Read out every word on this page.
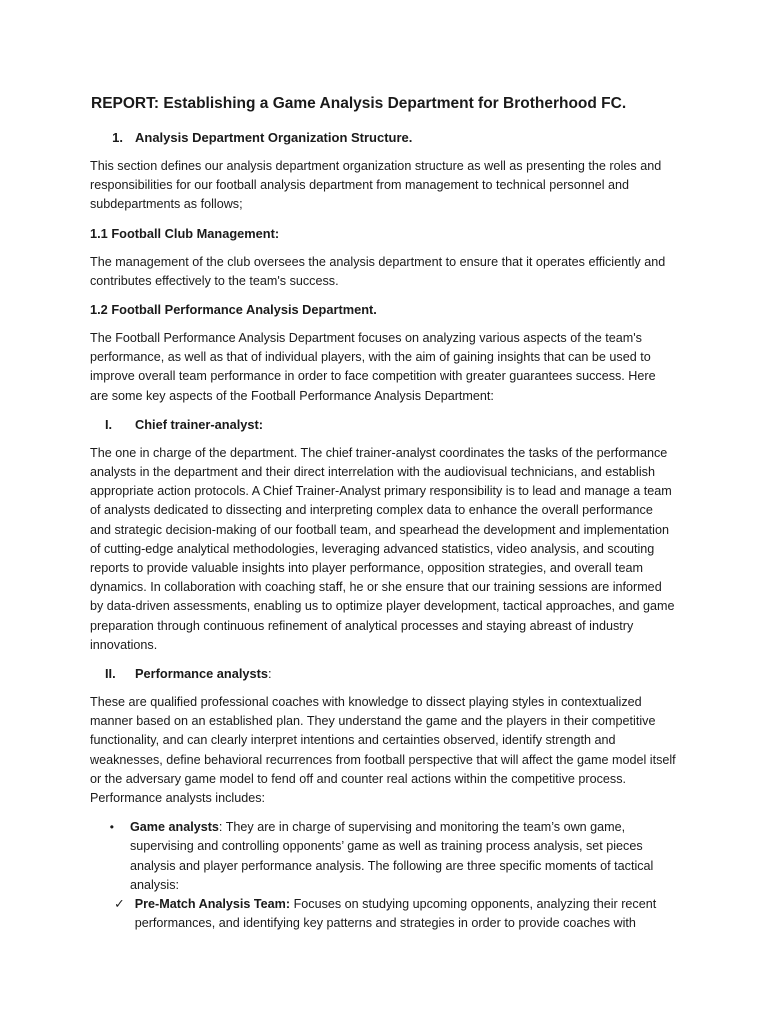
REPORT: Establishing a Game Analysis Department for Brotherhood FC.

1. Analysis Department Organization Structure.

This section defines our analysis department organization structure as well as presenting the roles and responsibilities for our football analysis department from management to technical personnel and subdepartments as follows;

1.1 Football Club Management:

The management of the club oversees the analysis department to ensure that it operates efficiently and contributes effectively to the team's success.

1.2 Football Performance Analysis Department.

The Football Performance Analysis Department focuses on analyzing various aspects of the team's performance, as well as that of individual players, with the aim of gaining insights that can be used to improve overall team performance in order to face competition with greater guarantees success. Here are some key aspects of the Football Performance Analysis Department:

I.	Chief trainer-analyst:

The one in charge of the department. The chief trainer-analyst coordinates the tasks of the performance analysts in the department and their direct interrelation with the audiovisual technicians, and establish appropriate action protocols. A Chief Trainer-Analyst primary responsibility is to lead and manage a team of analysts dedicated to dissecting and interpreting complex data to enhance the overall performance and strategic decision-making of our football team, and spearhead the development and implementation of cutting-edge analytical methodologies, leveraging advanced statistics, video analysis, and scouting reports to provide valuable insights into player performance, opposition strategies, and overall team dynamics. In collaboration with coaching staff, he or she ensure that our training sessions are informed by data-driven assessments, enabling us to optimize player development, tactical approaches, and game preparation through continuous refinement of analytical processes and staying abreast of industry innovations.

II.	Performance analysts:

These are qualified professional coaches with knowledge to dissect playing styles in contextualized manner based on an established plan. They understand the game and the players in their competitive functionality, and can clearly interpret intentions and certainties observed, identify strength and weaknesses, define behavioral recurrences from football perspective that will affect the game model itself or the adversary game model to fend off and counter real actions within the competitive process. Performance analysts includes:

•	Game analysts: They are in charge of supervising and monitoring the team’s own game, supervising and controlling opponents’ game as well as training process analysis, set pieces analysis and player performance analysis. The following are three specific moments of tactical analysis:
✓ Pre-Match Analysis Team: Focuses on studying upcoming opponents, analyzing their recent performances, and identifying key patterns and strategies in order to provide coaches with
